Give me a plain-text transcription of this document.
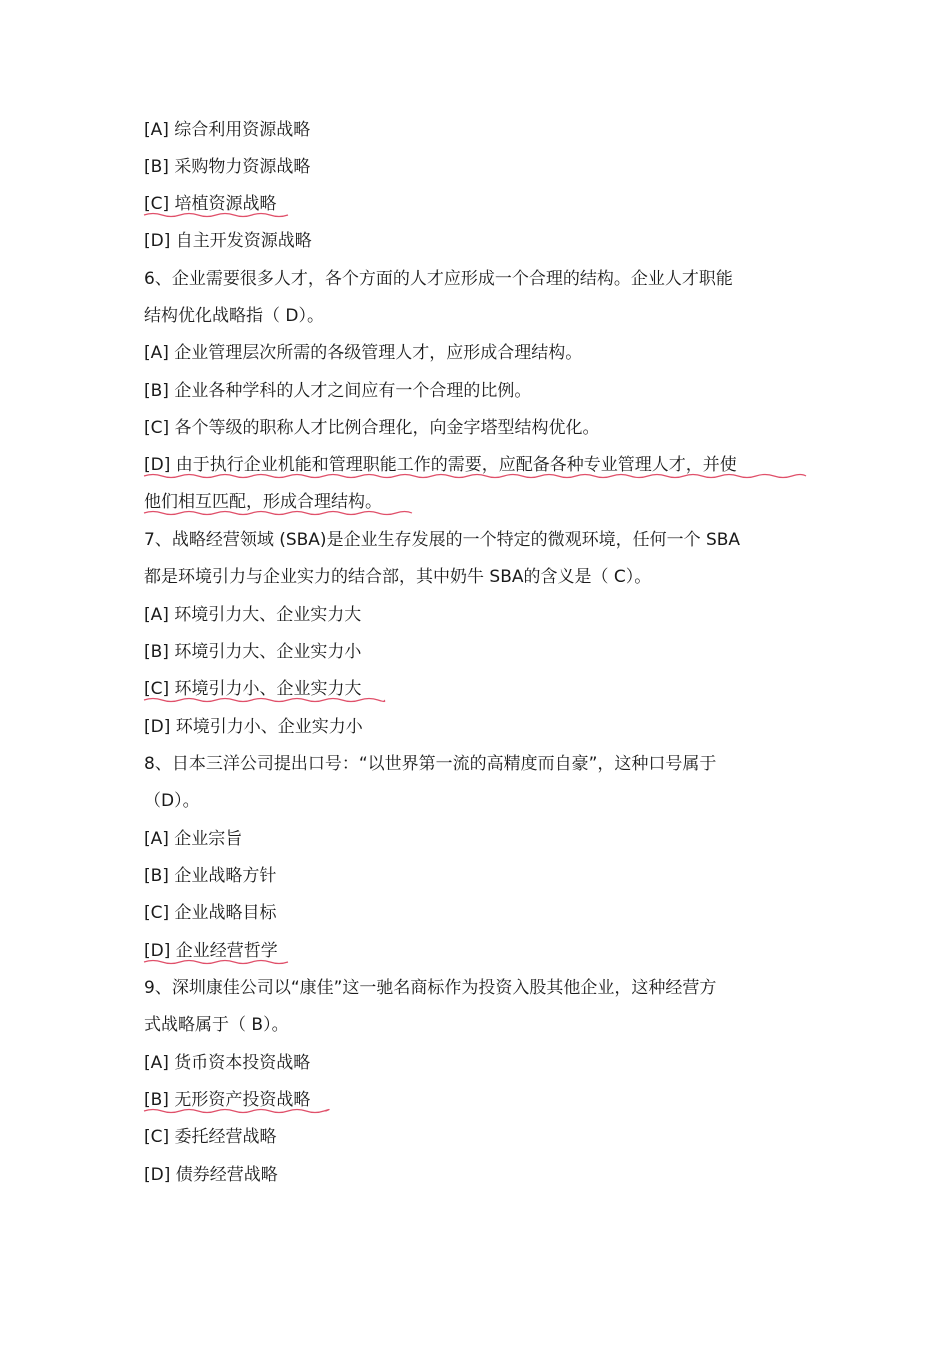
[A] 综合利用资源战略
[B] 采购物力资源战略
[C] 培植资源战略
[D] 自主开发资源战略
6、企业需要很多人才，各个方面的人才应形成一个合理的结构。企业人才职能
结构优化战略指（ D）。
[A] 企业管理层次所需的各级管理人才，应形成合理结构。
[B] 企业各种学科的人才之间应有一个合理的比例。
[C] 各个等级的职称人才比例合理化，向金字塔型结构优化。
[D] 由于执行企业机能和管理职能工作的需要，应配备各种专业管理人才，并使
他们相互匹配，形成合理结构。
7、战略经营领域 (SBA)是企业生存发展的一个特定的微观环境，任何一个 SBA
都是环境引力与企业实力的结合部，其中奶牛 SBA的含义是（ C）。
[A] 环境引力大、企业实力大
[B] 环境引力大、企业实力小
[C] 环境引力小、企业实力大
[D] 环境引力小、企业实力小
8、日本三洋公司提出口号：“以世界第一流的高精度而自豪”，这种口号属于
（D）。
[A] 企业宗旨
[B] 企业战略方针
[C] 企业战略目标
[D] 企业经营哲学
9、深圳康佳公司以“康佳”这一驰名商标作为投资入股其他企业，这种经营方
式战略属于（ B）。
[A] 货币资本投资战略
[B] 无形资产投资战略
[C] 委托经营战略
[D] 债券经营战略
